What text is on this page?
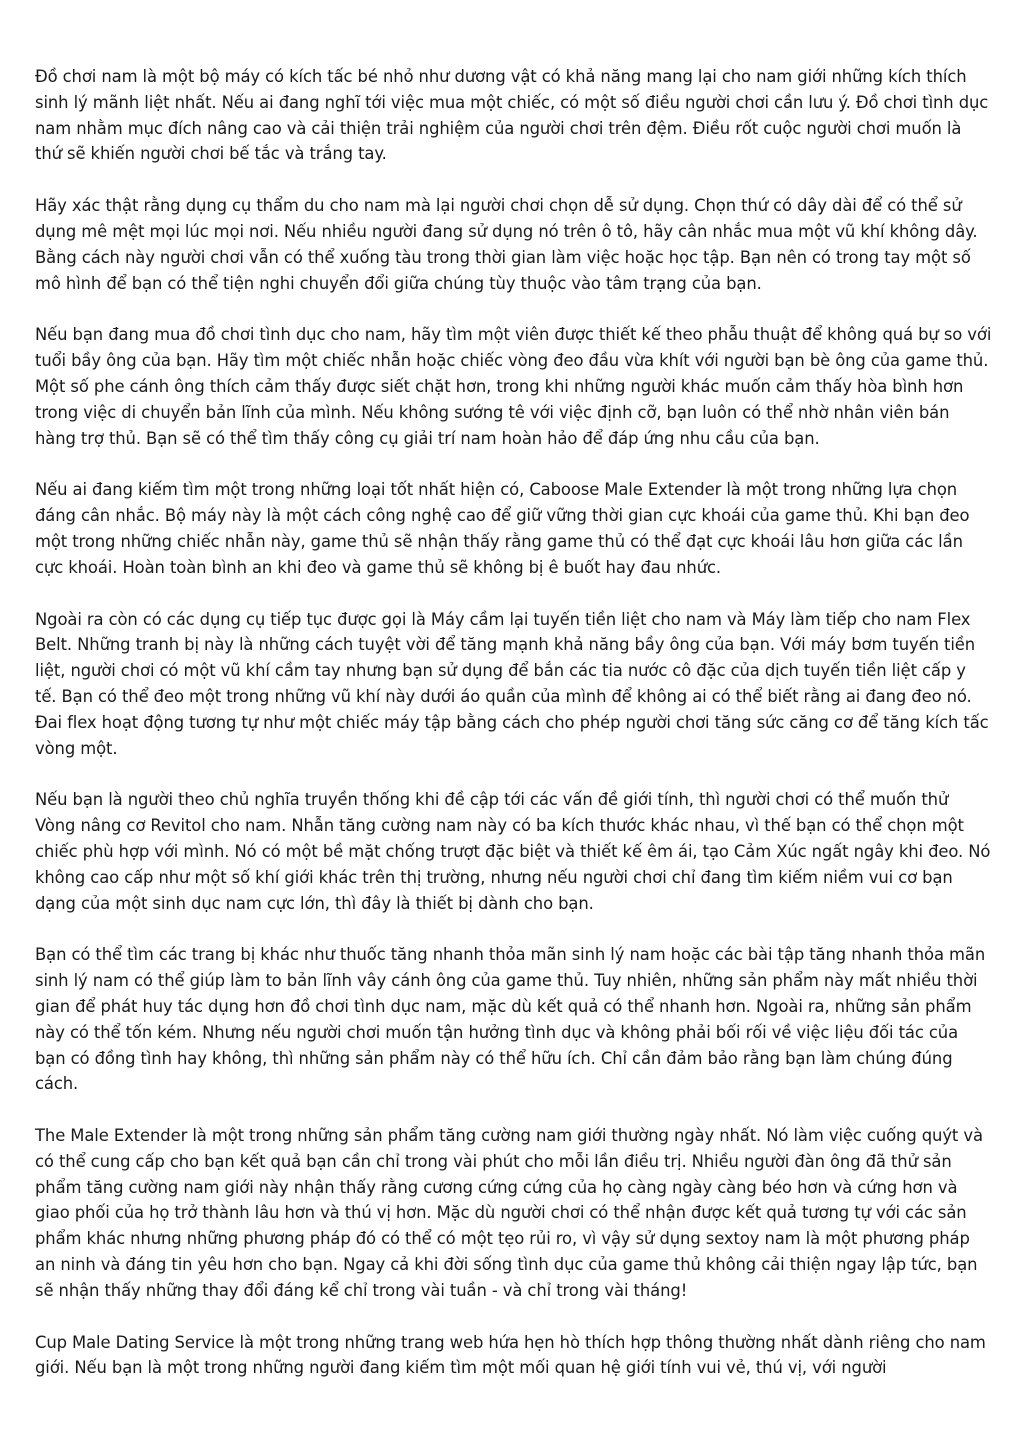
Đồ chơi nam là một bộ máy có kích tấc bé nhỏ như dương vật có khả năng mang lại cho nam giới những kích thích sinh lý mãnh liệt nhất. Nếu ai đang nghĩ tới việc mua một chiếc, có một số điều người chơi cần lưu ý. Đồ chơi tình dục nam nhằm mục đích nâng cao và cải thiện trải nghiệm của người chơi trên đệm. Điều rốt cuộc người chơi muốn là thứ sẽ khiến người chơi bế tắc và trắng tay.

Hãy xác thật rằng dụng cụ thẩm du cho nam mà lại người chơi chọn dễ sử dụng. Chọn thứ có dây dài để có thể sử dụng mê mệt mọi lúc mọi nơi. Nếu nhiều người đang sử dụng nó trên ô tô, hãy cân nhắc mua một vũ khí không dây. Bằng cách này người chơi vẫn có thể xuống tàu trong thời gian làm việc hoặc học tập. Bạn nên có trong tay một số mô hình để bạn có thể tiện nghi chuyển đổi giữa chúng tùy thuộc vào tâm trạng của bạn.

Nếu bạn đang mua đồ chơi tình dục cho nam, hãy tìm một viên được thiết kế theo phẫu thuật để không quá bự so với tuổi bầy ông của bạn. Hãy tìm một chiếc nhẫn hoặc chiếc vòng đeo đầu vừa khít với người bạn bè ông của game thủ. Một số phe cánh ông thích cảm thấy được siết chặt hơn, trong khi những người khác muốn cảm thấy hòa bình hơn trong việc di chuyển bản lĩnh của mình. Nếu không sướng tê với việc định cỡ, bạn luôn có thể nhờ nhân viên bán hàng trợ thủ. Bạn sẽ có thể tìm thấy công cụ giải trí nam hoàn hảo để đáp ứng nhu cầu của bạn.

Nếu ai đang kiếm tìm một trong những loại tốt nhất hiện có, Caboose Male Extender là một trong những lựa chọn đáng cân nhắc. Bộ máy này là một cách công nghệ cao để giữ vững thời gian cực khoái của game thủ. Khi bạn đeo một trong những chiếc nhẫn này, game thủ sẽ nhận thấy rằng game thủ có thể đạt cực khoái lâu hơn giữa các lần cực khoái. Hoàn toàn bình an khi đeo và game thủ sẽ không bị ê buốt hay đau nhức.

Ngoài ra còn có các dụng cụ tiếp tục được gọi là Máy cầm lại tuyến tiền liệt cho nam và Máy làm tiếp cho nam Flex Belt. Những tranh bị này là những cách tuyệt vời để tăng mạnh khả năng bầy ông của bạn. Với máy bơm tuyến tiền liệt, người chơi có một vũ khí cầm tay nhưng bạn sử dụng để bắn các tia nước cô đặc của dịch tuyến tiền liệt cấp y tế. Bạn có thể đeo một trong những vũ khí này dưới áo quần của mình để không ai có thể biết rằng ai đang đeo nó. Đai flex hoạt động tương tự như một chiếc máy tập bằng cách cho phép người chơi tăng sức căng cơ để tăng kích tấc vòng một.

Nếu bạn là người theo chủ nghĩa truyền thống khi đề cập tới các vấn đề giới tính, thì người chơi có thể muốn thử Vòng nâng cơ Revitol cho nam. Nhẫn tăng cường nam này có ba kích thước khác nhau, vì thế bạn có thể chọn một chiếc phù hợp với mình. Nó có một bề mặt chống trượt đặc biệt và thiết kế êm ái, tạo Cảm Xúc ngất ngây khi đeo. Nó không cao cấp như một số khí giới khác trên thị trường, nhưng nếu người chơi chỉ đang tìm kiếm niềm vui cơ bạn dạng của một sinh dục nam cực lớn, thì đây là thiết bị dành cho bạn.

Bạn có thể tìm các trang bị khác như thuốc tăng nhanh thỏa mãn sinh lý nam hoặc các bài tập tăng nhanh thỏa mãn sinh lý nam có thể giúp làm to bản lĩnh vây cánh ông của game thủ. Tuy nhiên, những sản phẩm này mất nhiều thời gian để phát huy tác dụng hơn đồ chơi tình dục nam, mặc dù kết quả có thể nhanh hơn. Ngoài ra, những sản phẩm này có thể tốn kém. Nhưng nếu người chơi muốn tận hưởng tình dục và không phải bối rối về việc liệu đối tác của bạn có đồng tình hay không, thì những sản phẩm này có thể hữu ích. Chỉ cần đảm bảo rằng bạn làm chúng đúng cách.

The Male Extender là một trong những sản phẩm tăng cường nam giới thường ngày nhất. Nó làm việc cuống quýt và có thể cung cấp cho bạn kết quả bạn cần chỉ trong vài phút cho mỗi lần điều trị. Nhiều người đàn ông đã thử sản phẩm tăng cường nam giới này nhận thấy rằng cương cứng cứng của họ càng ngày càng béo hơn và cứng hơn và giao phối của họ trở thành lâu hơn và thú vị hơn. Mặc dù người chơi có thể nhận được kết quả tương tự với các sản phẩm khác nhưng những phương pháp đó có thể có một tẹo rủi ro, vì vậy sử dụng sextoy nam là một phương pháp an ninh và đáng tin yêu hơn cho bạn. Ngay cả khi đời sống tình dục của game thủ không cải thiện ngay lập tức, bạn sẽ nhận thấy những thay đổi đáng kể chỉ trong vài tuần - và chỉ trong vài tháng!

Cup Male Dating Service là một trong những trang web hứa hẹn hò thích hợp thông thường nhất dành riêng cho nam giới. Nếu bạn là một trong những người đang kiếm tìm một mối quan hệ giới tính vui vẻ, thú vị, với người
